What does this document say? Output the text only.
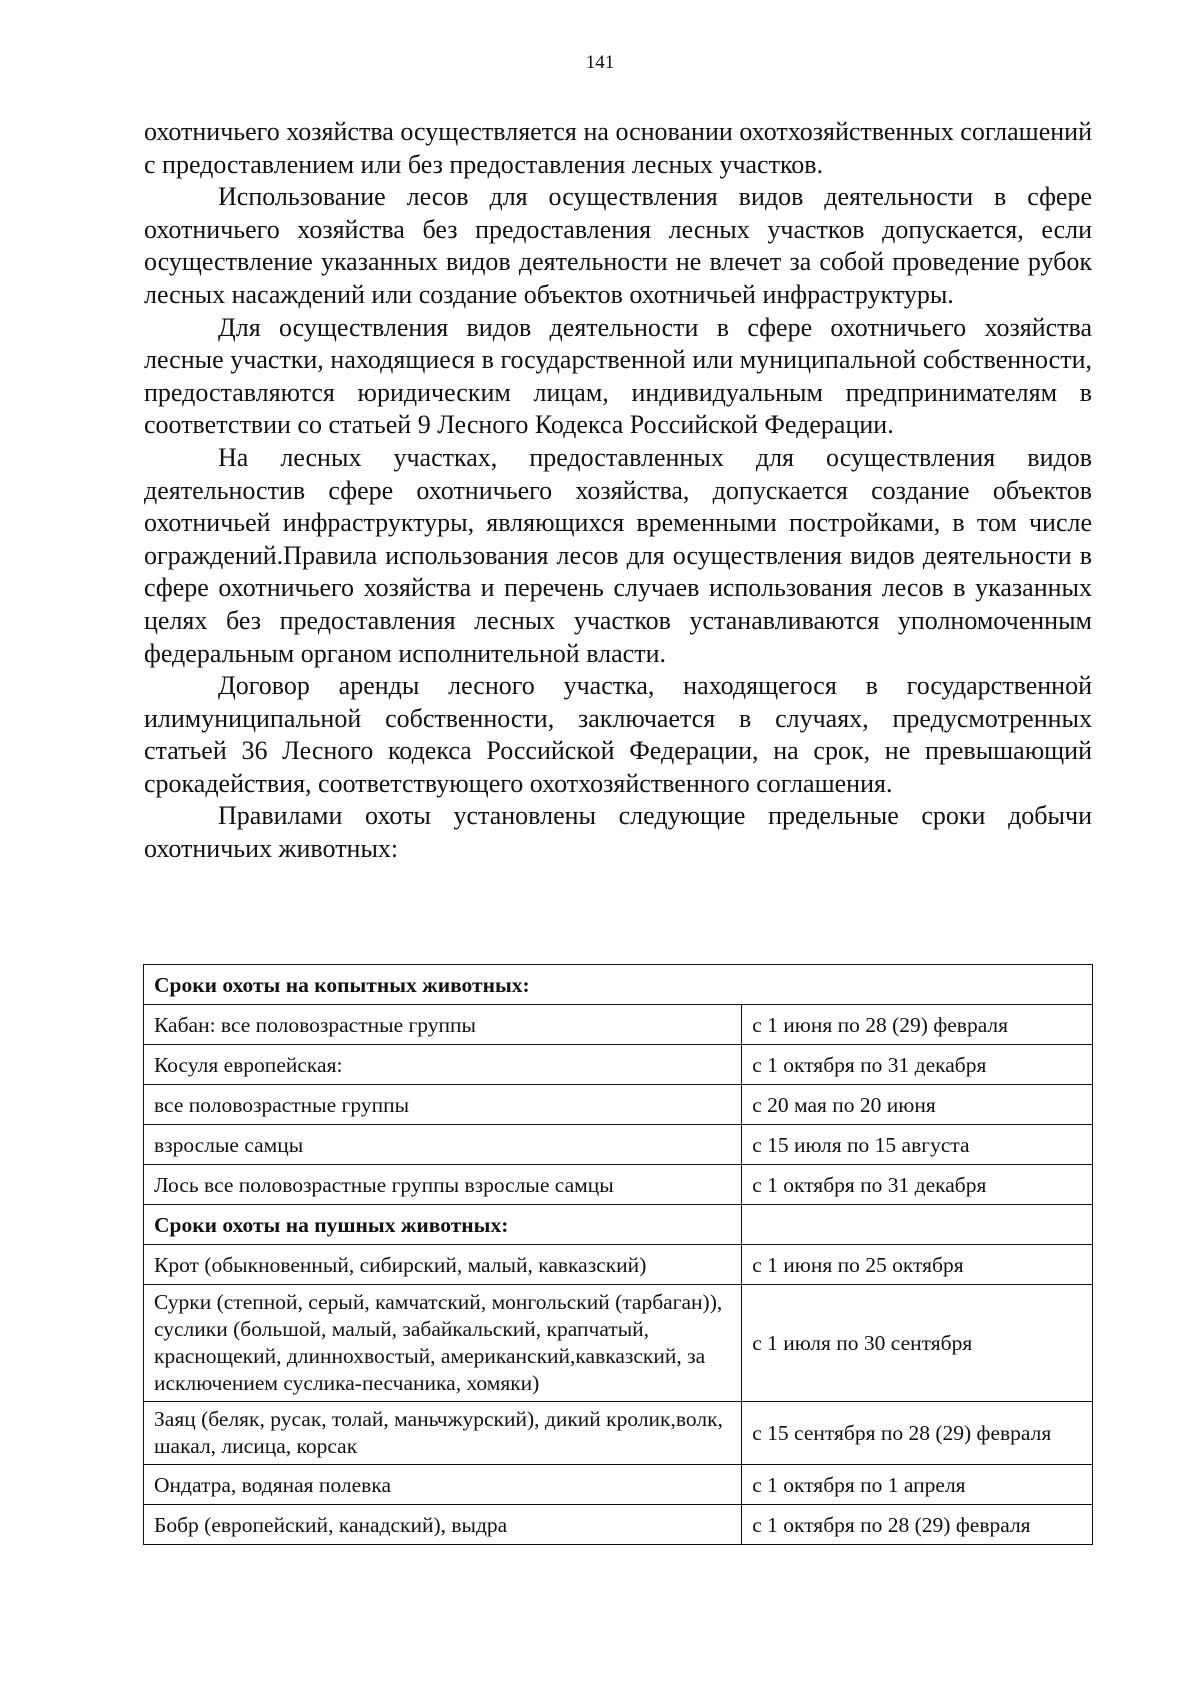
141

охотничьего хозяйства осуществляется на основании охотхозяйственных соглашений с предоставлением или без предоставления лесных участков.

Использование лесов для осуществления видов деятельности в сфере охотничьего хозяйства без предоставления лесных участков допускается, если осуществление указанных видов деятельности не влечет за собой проведение рубок лесных насаждений или создание объектов охотничьей инфраструктуры.

Для осуществления видов деятельности в сфере охотничьего хозяйства лесные участки, находящиеся в государственной или муниципальной собственности, предоставляются юридическим лицам, индивидуальным предпринимателям в соответствии со статьей 9 Лесного Кодекса Российской Федерации.

На лесных участках, предоставленных для осуществления видов деятельностив сфере охотничьего хозяйства, допускается создание объектов охотничьей инфраструктуры, являющихся временными постройками, в том числе ограждений.Правила использования лесов для осуществления видов деятельности в сфере охотничьего хозяйства и перечень случаев использования лесов в указанных целях без предоставления лесных участков устанавливаются уполномоченным федеральным органом исполнительной власти.

Договор аренды лесного участка, находящегося в государственной илимуниципальной собственности, заключается в случаях, предусмотренных статьей 36 Лесного кодекса Российской Федерации, на срок, не превышающий срокадействия, соответствующего охотхозяйственного соглашения.

Правилами охоты установлены следующие предельные сроки добычи охотничьих животных:

Сроки охоты на копытных животных:	
Кабан: все половозрастные группы	с 1 июня по 28 (29) февраля
Косуля европейская:	с 1 октября по 31 декабря
все половозрастные группы	с 20 мая по 20 июня
взрослые самцы	с 15 июля по 15 августа
Лось все половозрастные группы взрослые самцы	с 1 октября по 31 декабря
Сроки охоты на пушных животных:	
Крот (обыкновенный, сибирский, малый, кавказский)	с 1 июня по 25 октября
Сурки (степной, серый, камчатский, монгольский (тарбаган)), суслики (большой, малый, забайкальский, крапчатый, краснощекий, длиннохвостый, американский,кавказский, за исключением суслика-песчаника, хомяки)	с 1 июля по 30 сентября
Заяц (беляк, русак, толай, маньчжурский), дикий кролик,волк, шакал, лисица, корсак	с 15 сентября по 28 (29) февраля
Ондатра, водяная полевка	с 1 октября по 1 апреля
Бобр (европейский, канадский), выдра	с 1 октября по 28 (29) февраля
